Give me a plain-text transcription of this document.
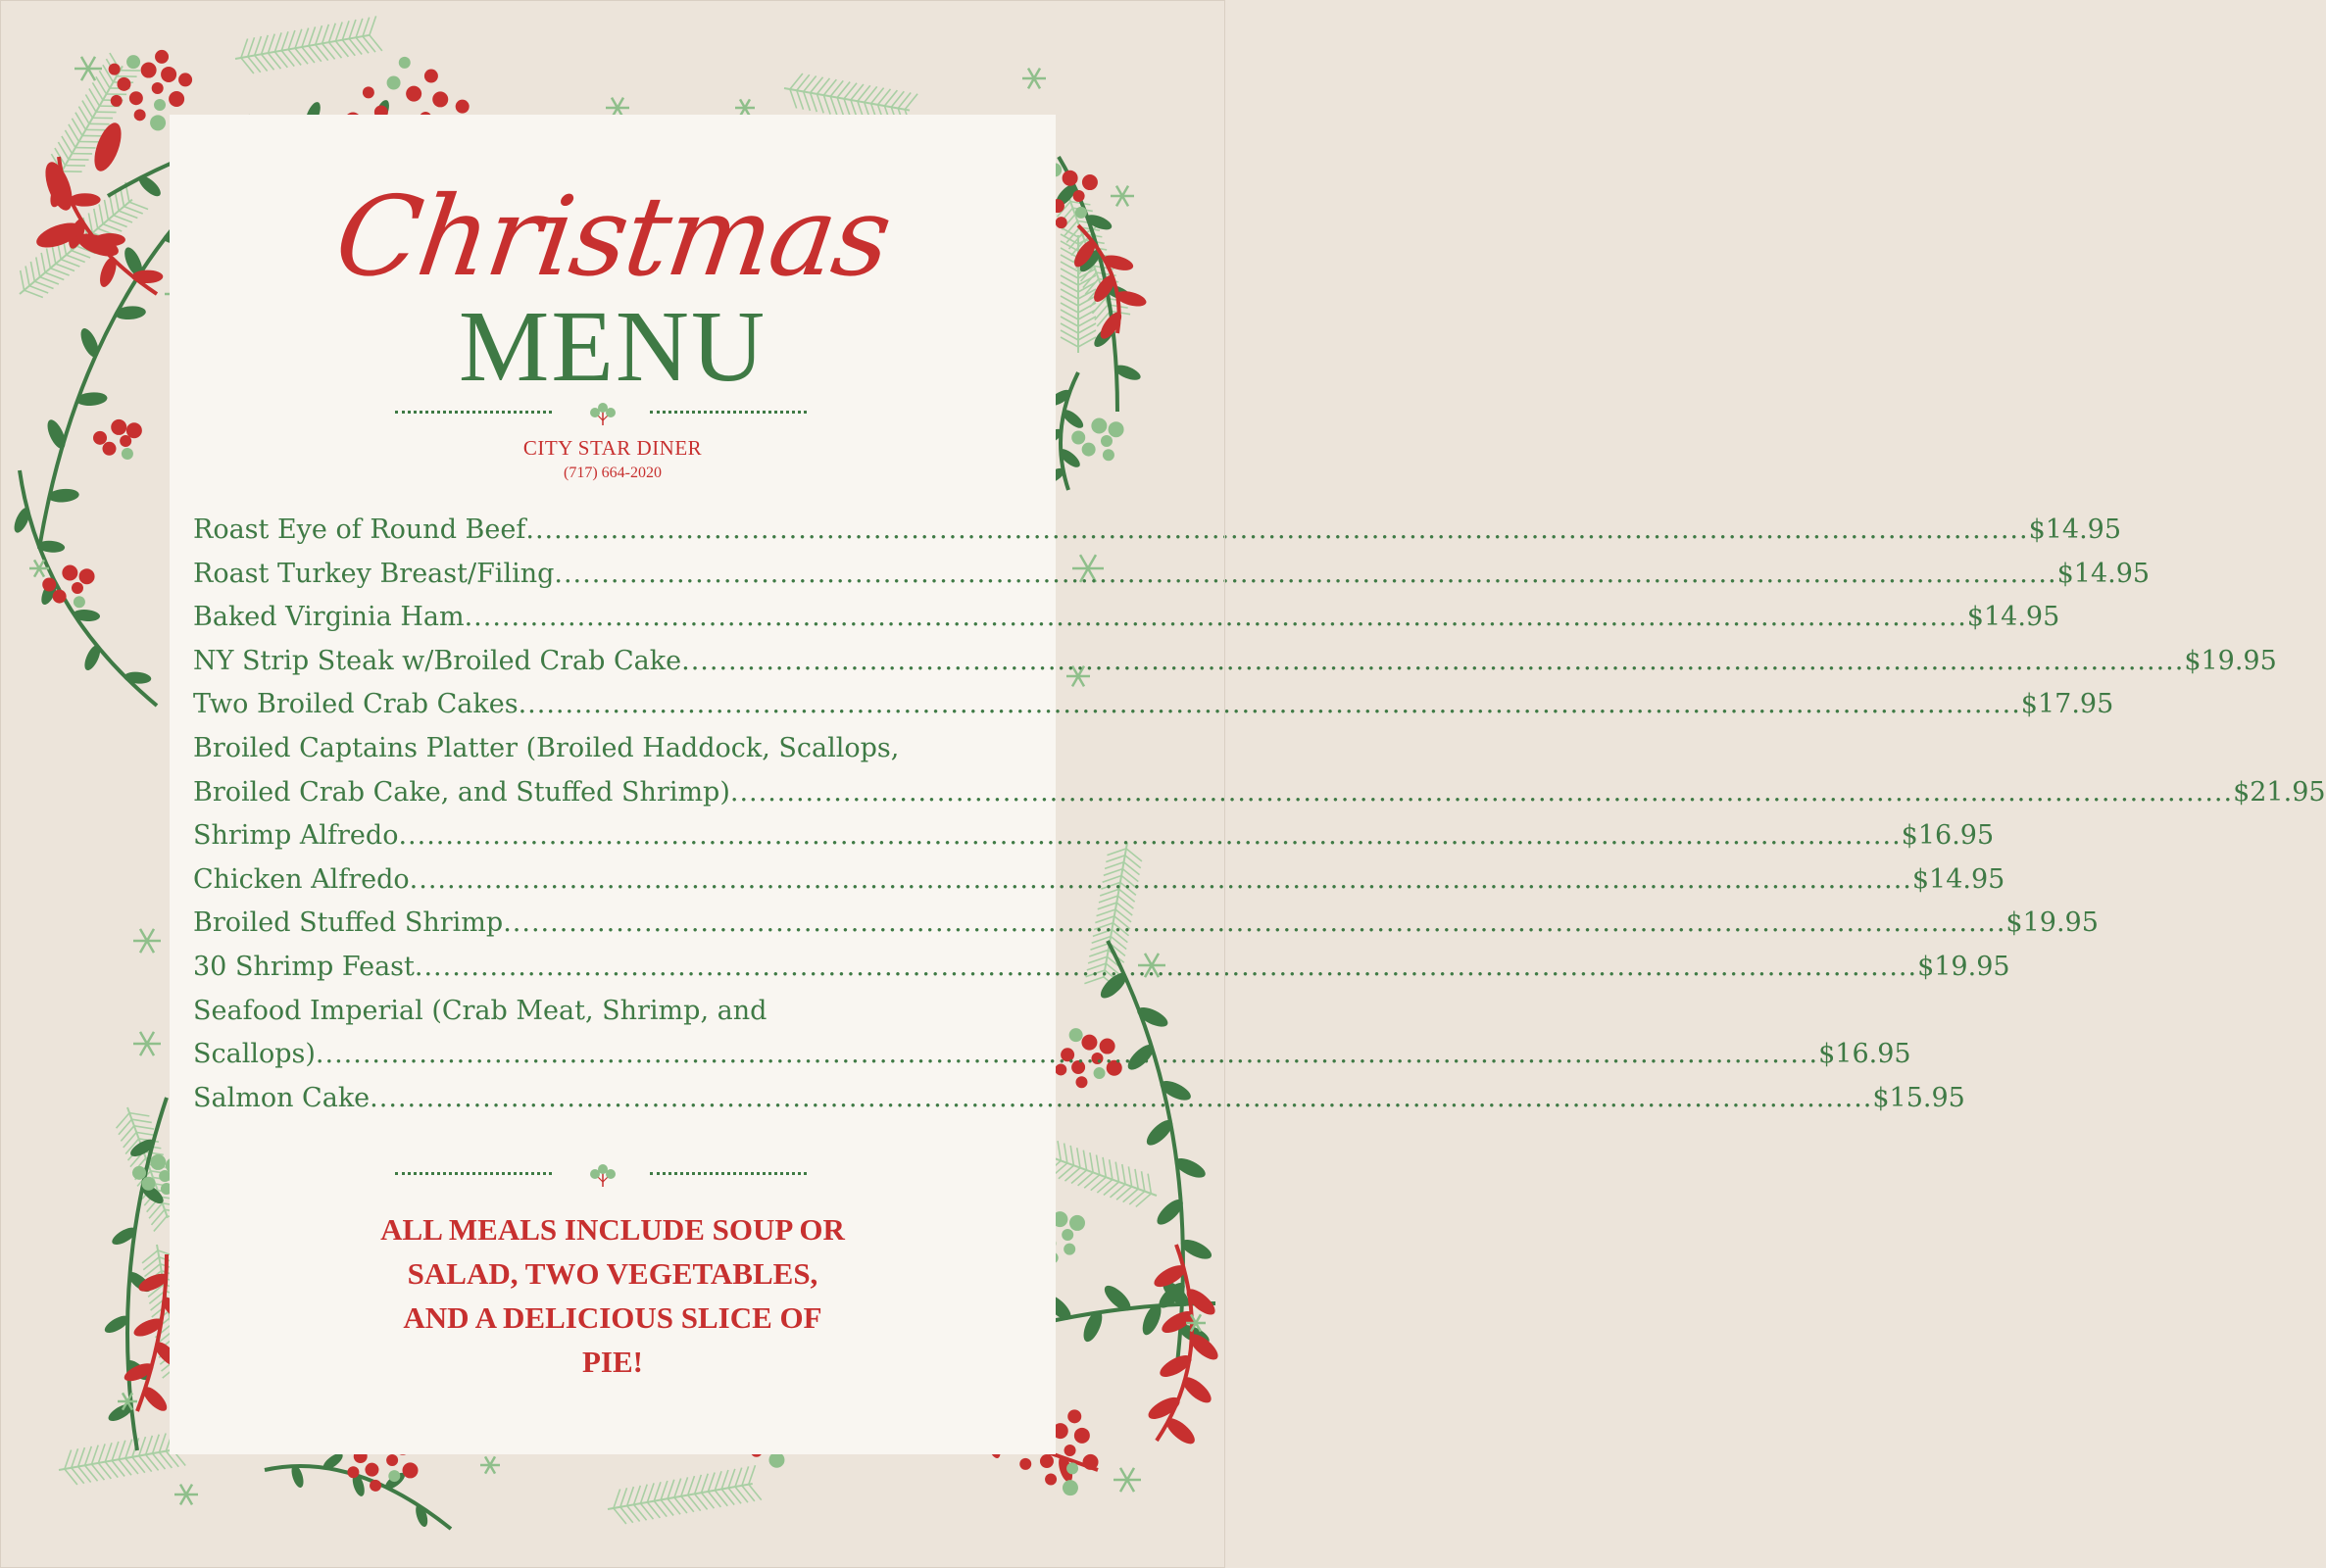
Christmas
MENU
CITY STAR DINER
(717) 664-2020
Roast Eye of Round Beef ................................................................................................................................................................ $14.95
Roast Turkey Breast/Filing ................................................................................................................................................................ $14.95
Baked Virginia Ham ................................................................................................................................................................ $14.95
NY Strip Steak w/Broiled Crab Cake ................................................................................................................................................................ $19.95
Two Broiled Crab Cakes ................................................................................................................................................................ $17.95
Broiled Captains Platter (Broiled Haddock, Scallops,
Broiled Crab Cake, and Stuffed Shrimp) ................................................................................................................................................................ $21.95
Shrimp Alfredo ................................................................................................................................................................ $16.95
Chicken Alfredo ................................................................................................................................................................ $14.95
Broiled Stuffed Shrimp ................................................................................................................................................................ $19.95
30 Shrimp Feast ................................................................................................................................................................ $19.95
Seafood Imperial (Crab Meat, Shrimp, and
Scallops) ................................................................................................................................................................ $16.95
Salmon Cake ................................................................................................................................................................ $15.95
ALL MEALS INCLUDE SOUP OR
SALAD, TWO VEGETABLES,
AND A DELICIOUS SLICE OF
PIE!
